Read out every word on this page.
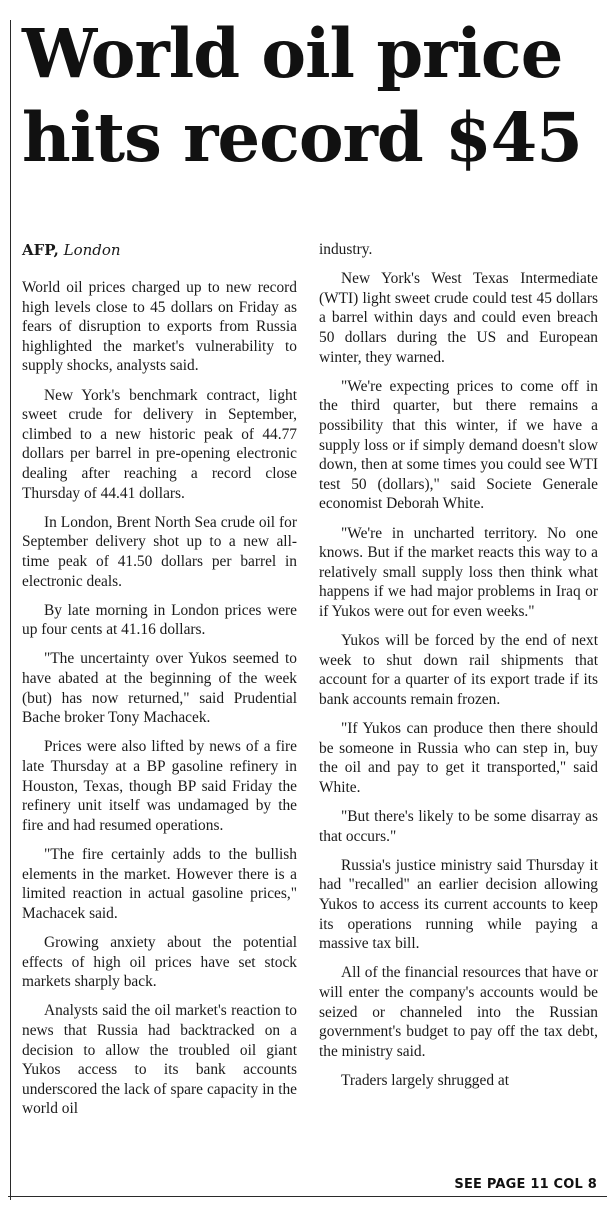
World oil price
hits record $45
AFP, London

World oil prices charged up to new record high levels close to 45 dollars on Friday as fears of disruption to exports from Russia highlighted the market's vulnerability to supply shocks, analysts said.

New York's benchmark contract, light sweet crude for delivery in September, climbed to a new historic peak of 44.77 dollars per barrel in pre-opening electronic dealing after reaching a record close Thursday of 44.41 dollars.

In London, Brent North Sea crude oil for September delivery shot up to a new all-time peak of 41.50 dollars per barrel in electronic deals.

By late morning in London prices were up four cents at 41.16 dollars.

"The uncertainty over Yukos seemed to have abated at the beginning of the week (but) has now returned," said Prudential Bache broker Tony Machacek.

Prices were also lifted by news of a fire late Thursday at a BP gasoline refinery in Houston, Texas, though BP said Friday the refinery unit itself was undamaged by the fire and had resumed operations.

"The fire certainly adds to the bullish elements in the market. However there is a limited reaction in actual gasoline prices," Machacek said.

Growing anxiety about the potential effects of high oil prices have set stock markets sharply back.

Analysts said the oil market's reaction to news that Russia had backtracked on a decision to allow the troubled oil giant Yukos access to its bank accounts underscored the lack of spare capacity in the world oil

industry.

New York's West Texas Intermediate (WTI) light sweet crude could test 45 dollars a barrel within days and could even breach 50 dollars during the US and European winter, they warned.

"We're expecting prices to come off in the third quarter, but there remains a possibility that this winter, if we have a supply loss or if simply demand doesn't slow down, then at some times you could see WTI test 50 (dollars)," said Societe Generale economist Deborah White.

"We're in uncharted territory. No one knows. But if the market reacts this way to a relatively small supply loss then think what happens if we had major problems in Iraq or if Yukos were out for even weeks."

Yukos will be forced by the end of next week to shut down rail shipments that account for a quarter of its export trade if its bank accounts remain frozen.

"If Yukos can produce then there should be someone in Russia who can step in, buy the oil and pay to get it transported," said White.

"But there's likely to be some disarray as that occurs."

Russia's justice ministry said Thursday it had "recalled" an earlier decision allowing Yukos to access its current accounts to keep its operations running while paying a massive tax bill.

All of the financial resources that have or will enter the company's accounts would be seized or channeled into the Russian government's budget to pay off the tax debt, the ministry said.

Traders largely shrugged at

SEE PAGE 11 COL 8
